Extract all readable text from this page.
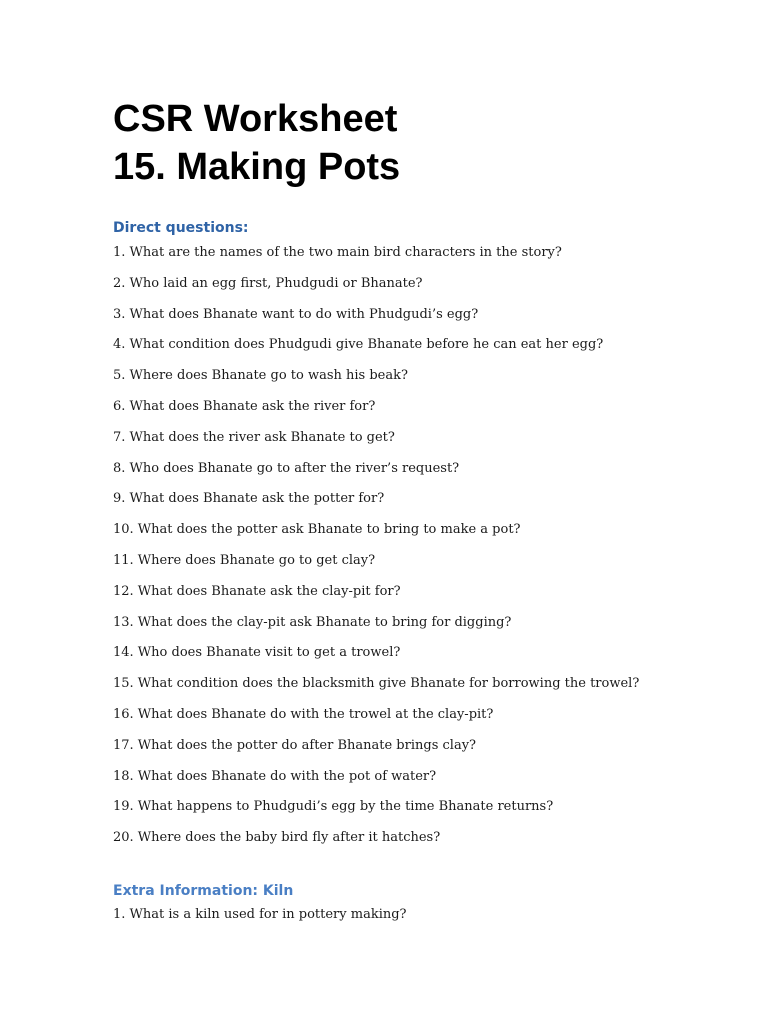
CSR Worksheet
15. Making Pots
Direct questions:
1. What are the names of the two main bird characters in the story?
2. Who laid an egg first, Phudgudi or Bhanate?
3. What does Bhanate want to do with Phudgudi’s egg?
4. What condition does Phudgudi give Bhanate before he can eat her egg?
5. Where does Bhanate go to wash his beak?
6. What does Bhanate ask the river for?
7. What does the river ask Bhanate to get?
8. Who does Bhanate go to after the river’s request?
9. What does Bhanate ask the potter for?
10. What does the potter ask Bhanate to bring to make a pot?
11. Where does Bhanate go to get clay?
12. What does Bhanate ask the clay-pit for?
13. What does the clay-pit ask Bhanate to bring for digging?
14. Who does Bhanate visit to get a trowel?
15. What condition does the blacksmith give Bhanate for borrowing the trowel?
16. What does Bhanate do with the trowel at the clay-pit?
17. What does the potter do after Bhanate brings clay?
18. What does Bhanate do with the pot of water?
19. What happens to Phudgudi’s egg by the time Bhanate returns?
20. Where does the baby bird fly after it hatches?
Extra Information: Kiln
1. What is a kiln used for in pottery making?
